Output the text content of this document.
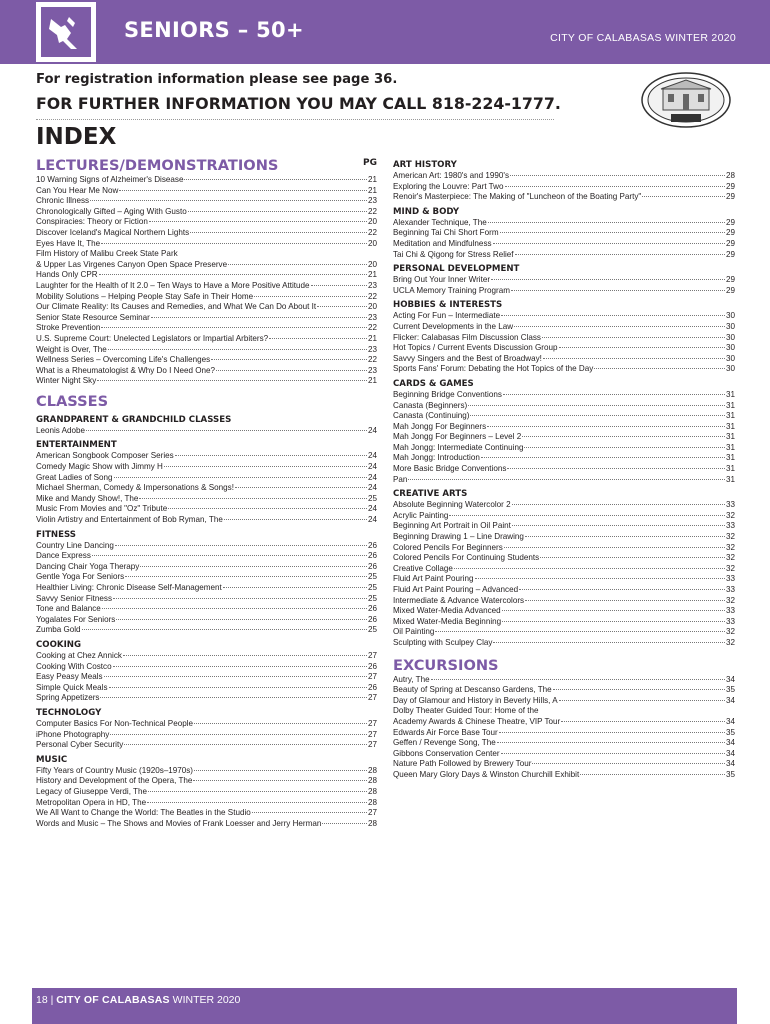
SENIORS – 50+	CITY OF CALABASAS WINTER 2020
For registration information please see page 36.
FOR FURTHER INFORMATION YOU MAY CALL 818-224-1777.
INDEX
LECTURES/DEMONSTRATIONS	PG
10 Warning Signs of Alzheimer's Disease	21
Can You Hear Me Now	21
Chronic Illness	23
Chronologically Gifted – Aging With Gusto	22
Conspiracies: Theory or Fiction	20
Discover Iceland's Magical Northern Lights	22
Eyes Have It, The	20
Film History of Malibu Creek State Park
& Upper Las Virgenes Canyon Open Space Preserve	20
Hands Only CPR	21
Laughter for the Health of It 2.0 – Ten Ways to Have a More Positive Attitude	23
Mobility Solutions – Helping People Stay Safe in Their Home	22
Our Climate Reality: Its Causes and Remedies, and What We Can Do About It	20
Senior State Resource Seminar	23
Stroke Prevention	22
U.S. Supreme Court: Unelected Legislators or Impartial Arbiters?	21
Weight is Over, The	23
Wellness Series – Overcoming Life's Challenges	22
What is a Rheumatologist & Why Do I Need One?	23
Winter Night Sky	21
CLASSES
GRANDPARENT & GRANDCHILD CLASSES
Leonis Adobe	24
ENTERTAINMENT
American Songbook Composer Series	24
Comedy Magic Show with Jimmy H	24
Great Ladies of Song	24
Michael Sherman, Comedy & Impersonations & Songs!	24
Mike and Mandy Show!, The	25
Music From Movies and "Oz" Tribute	24
Violin Artistry and Entertainment of Bob Ryman, The	24
FITNESS
Country Line Dancing	26
Dance Express	26
Dancing Chair Yoga Therapy	26
Gentle Yoga For Seniors	25
Healthier Living: Chronic Disease Self-Management	25
Savvy Senior Fitness	25
Tone and Balance	26
Yogalates For Seniors	26
Zumba Gold	25
COOKING
Cooking at Chez Annick	27
Cooking With Costco	26
Easy Peasy Meals	27
Simple Quick Meals	26
Spring Appetizers	27
TECHNOLOGY
Computer Basics For Non-Technical People	27
iPhone Photography	27
Personal Cyber Security	27
MUSIC
Fifty Years of Country Music (1920s–1970s)	28
History and Development of the Opera, The	28
Legacy of Giuseppe Verdi, The	28
Metropolitan Opera in HD, The	28
We All Want to Change the World: The Beatles in the Studio	27
Words and Music – The Shows and Movies of Frank Loesser and Jerry Herman	28
ART HISTORY
American Art: 1980's and 1990's	28
Exploring the Louvre: Part Two	29
Renoir's Masterpiece: The Making of "Luncheon of the Boating Party"	29
MIND & BODY
Alexander Technique, The	29
Beginning Tai Chi Short Form	29
Meditation and Mindfulness	29
Tai Chi & Qigong for Stress Relief	29
PERSONAL DEVELOPMENT
Bring Out Your Inner Writer	29
UCLA Memory Training Program	29
HOBBIES & INTERESTS
Acting For Fun – Intermediate	30
Current Developments in the Law	30
Flicker: Calabasas Film Discussion Class	30
Hot Topics / Current Events Discussion Group	30
Savvy Singers and the Best of Broadway!	30
Sports Fans' Forum: Debating the Hot Topics of the Day	30
CARDS & GAMES
Beginning Bridge Conventions	31
Canasta (Beginners)	31
Canasta (Continuing)	31
Mah Jongg For Beginners	31
Mah Jongg For Beginners – Level 2	31
Mah Jongg: Intermediate Continuing	31
Mah Jongg: Introduction	31
More Basic Bridge Conventions	31
Pan	31
CREATIVE ARTS
Absolute Beginning Watercolor 2	33
Acrylic Painting	32
Beginning Art Portrait in Oil Paint	33
Beginning Drawing 1 – Line Drawing	32
Colored Pencils For Beginners	32
Colored Pencils For Continuing Students	32
Creative Collage	32
Fluid Art Paint Pouring	33
Fluid Art Paint Pouring – Advanced	33
Intermediate & Advance Watercolors	32
Mixed Water-Media Advanced	33
Mixed Water-Media Beginning	33
Oil Painting	32
Sculpting with Sculpey Clay	32
EXCURSIONS
Autry, The	34
Beauty of Spring at Descanso Gardens, The	35
Day of Glamour and History in Beverly Hills, A	34
Dolby Theater Guided Tour: Home of the
Academy Awards & Chinese Theatre, VIP Tour	34
Edwards Air Force Base Tour	35
Geffen / Revenge Song, The	34
Gibbons Conservation Center	34
Nature Path Followed by Brewery Tour	34
Queen Mary Glory Days & Winston Churchill Exhibit	35
18 | CITY OF CALABASAS WINTER 2020
